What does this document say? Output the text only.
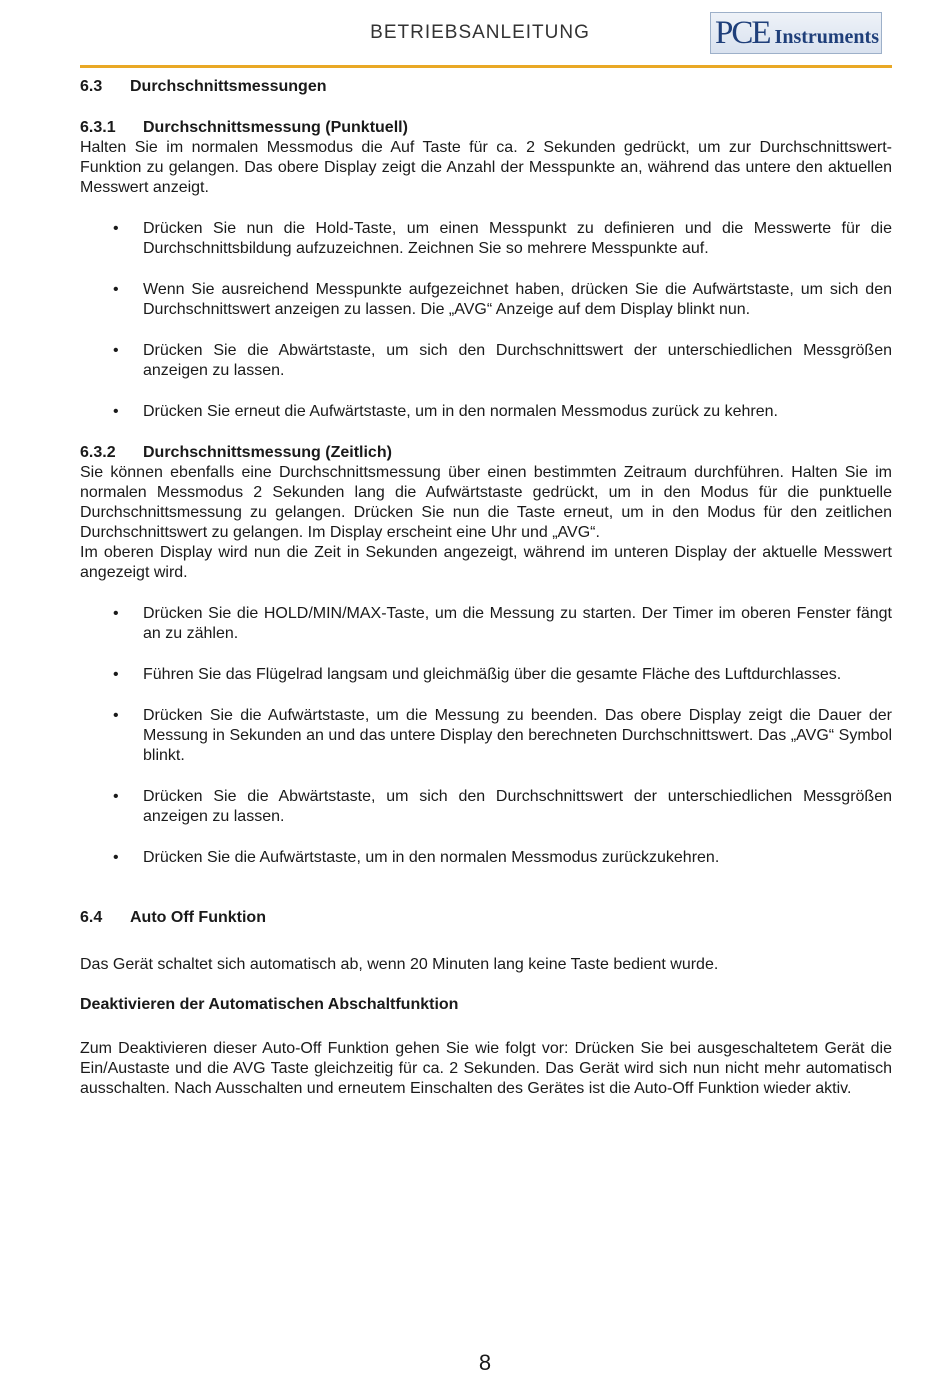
BETRIEBSANLEITUNG	PCE Instruments
6.3 Durchschnittsmessungen
6.3.1 Durchschnittsmessung (Punktuell)

Halten Sie im normalen Messmodus die Auf Taste für ca. 2 Sekunden gedrückt, um zur Durchschnittswert-Funktion zu gelangen. Das obere Display zeigt die Anzahl der Messpunkte an, während das untere den aktuellen Messwert anzeigt.

• Drücken Sie nun die Hold-Taste, um einen Messpunkt zu definieren und die Messwerte für die Durchschnittsbildung aufzuzeichnen. Zeichnen Sie so mehrere Messpunkte auf.
• Wenn Sie ausreichend Messpunkte aufgezeichnet haben, drücken Sie die Aufwärtstaste, um sich den Durchschnittswert anzeigen zu lassen. Die „AVG“ Anzeige auf dem Display blinkt nun.
• Drücken Sie die Abwärtstaste, um sich den Durchschnittswert der unterschiedlichen Messgrößen anzeigen zu lassen.
• Drücken Sie erneut die Aufwärtstaste, um in den normalen Messmodus zurück zu kehren.
6.3.2 Durchschnittsmessung (Zeitlich)

Sie können ebenfalls eine Durchschnittsmessung über einen bestimmten Zeitraum durchführen. Halten Sie im normalen Messmodus 2 Sekunden lang die Aufwärtstaste gedrückt, um in den Modus für die punktuelle Durchschnittsmessung zu gelangen. Drücken Sie nun die Taste erneut, um in den Modus für den zeitlichen Durchschnittswert zu gelangen. Im Display erscheint eine Uhr und „AVG“.

Im oberen Display wird nun die Zeit in Sekunden angezeigt, während im unteren Display der aktuelle Messwert angezeigt wird.

• Drücken Sie die HOLD/MIN/MAX-Taste, um die Messung zu starten. Der Timer im oberen Fenster fängt an zu zählen.
• Führen Sie das Flügelrad langsam und gleichmäßig über die gesamte Fläche des Luftdurchlasses.
• Drücken Sie die Aufwärtstaste, um die Messung zu beenden. Das obere Display zeigt die Dauer der Messung in Sekunden an und das untere Display den berechneten Durchschnittswert. Das „AVG“ Symbol blinkt.
• Drücken Sie die Abwärtstaste, um sich den Durchschnittswert der unterschiedlichen Messgrößen anzeigen zu lassen.
• Drücken Sie die Aufwärtstaste, um in den normalen Messmodus zurückzukehren.
6.4 Auto Off Funktion

Das Gerät schaltet sich automatisch ab, wenn 20 Minuten lang keine Taste bedient wurde.

Deaktivieren der Automatischen Abschaltfunktion

Zum Deaktivieren dieser Auto-Off Funktion gehen Sie wie folgt vor: Drücken Sie bei ausgeschaltetem Gerät die Ein/Austaste und die AVG Taste gleichzeitig für ca. 2 Sekunden. Das Gerät wird sich nun nicht mehr automatisch ausschalten. Nach Ausschalten und erneutem Einschalten des Gerätes ist die Auto-Off Funktion wieder aktiv.

8
